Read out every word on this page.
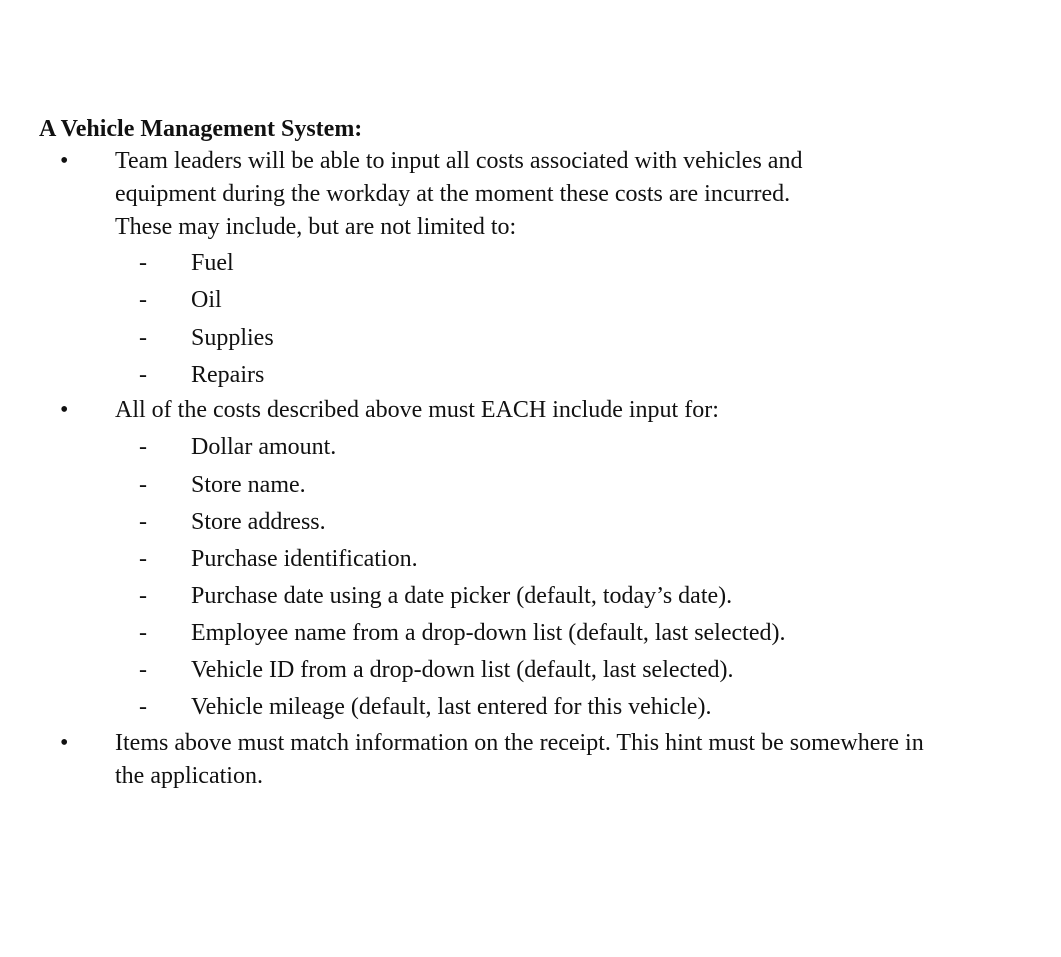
A Vehicle Management System:
• Team leaders will be able to input all costs associated with vehicles and
equipment during the workday at the moment these costs are incurred.
These may include, but are not limited to:

- Fuel
- Oil
- Supplies
- Repairs
• All of the costs described above must EACH include input for:

- Dollar amount.
- Store name.
- Store address.
- Purchase identification.
- Purchase date using a date picker (default, today’s date).
- Employee name from a drop-down list (default, last selected).
- Vehicle ID from a drop-down list (default, last selected).
- Vehicle mileage (default, last entered for this vehicle).
• Items above must match information on the receipt. This hint must be somewhere in
the application.
